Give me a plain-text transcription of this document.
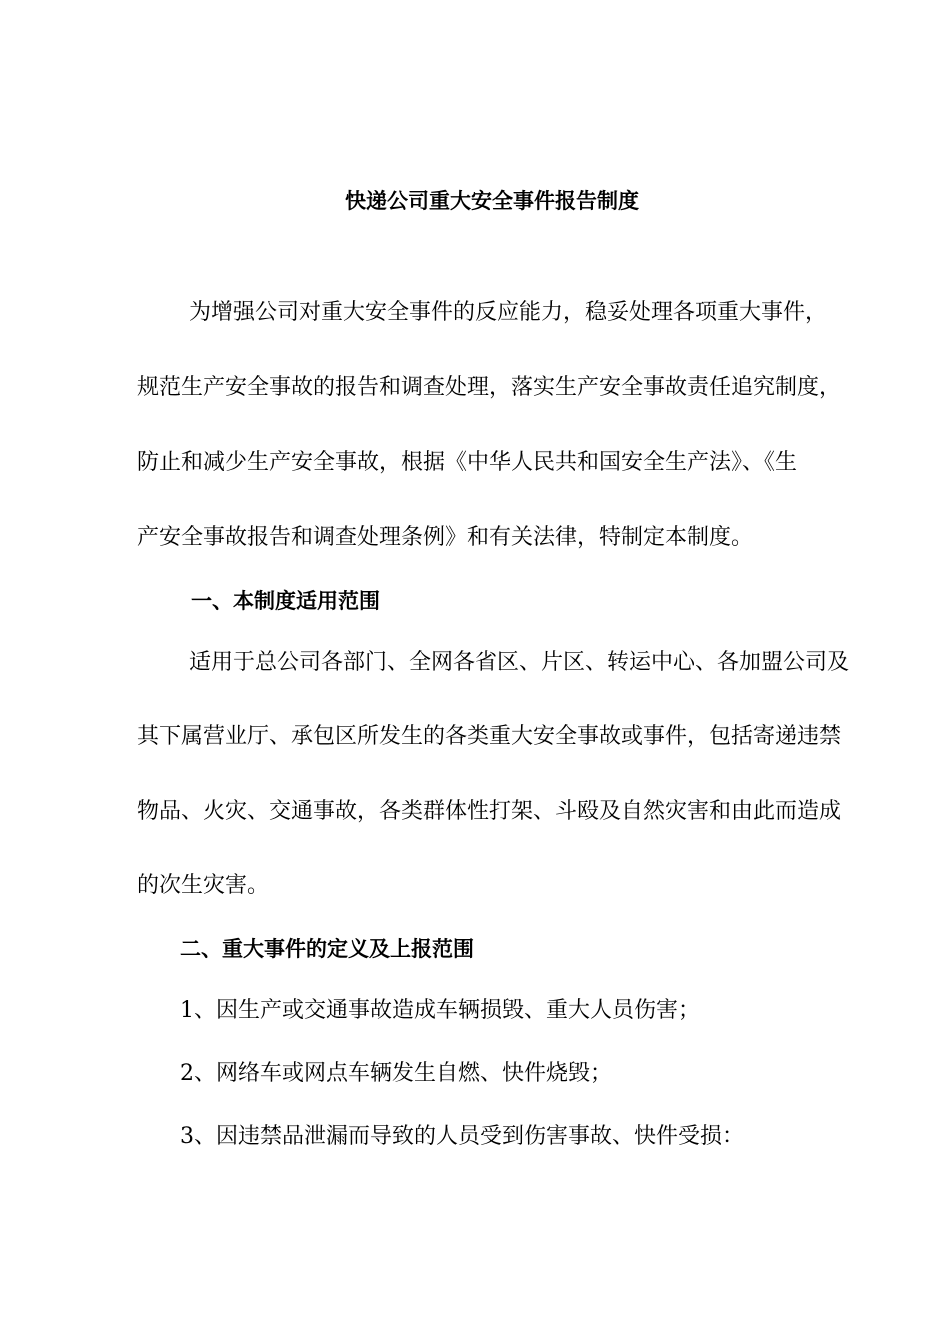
快递公司重大安全事件报告制度

为增强公司对重大安全事件的反应能力，稳妥处理各项重大事件，

规范生产安全事故的报告和调查处理，落实生产安全事故责任追究制度，

防止和减少生产安全事故，根据《中华人民共和国安全生产法》、《生

产安全事故报告和调查处理条例》和有关法律，特制定本制度。

一、本制度适用范围

适用于总公司各部门、全网各省区、片区、转运中心、各加盟公司及

其下属营业厅、承包区所发生的各类重大安全事故或事件，包括寄递违禁

物品、火灾、交通事故，各类群体性打架、斗殴及自然灾害和由此而造成

的次生灾害。

二、重大事件的定义及上报范围

1、因生产或交通事故造成车辆损毁、重大人员伤害；

2、网络车或网点车辆发生自燃、快件烧毁；

3、因违禁品泄漏而导致的人员受到伤害事故、快件受损：
